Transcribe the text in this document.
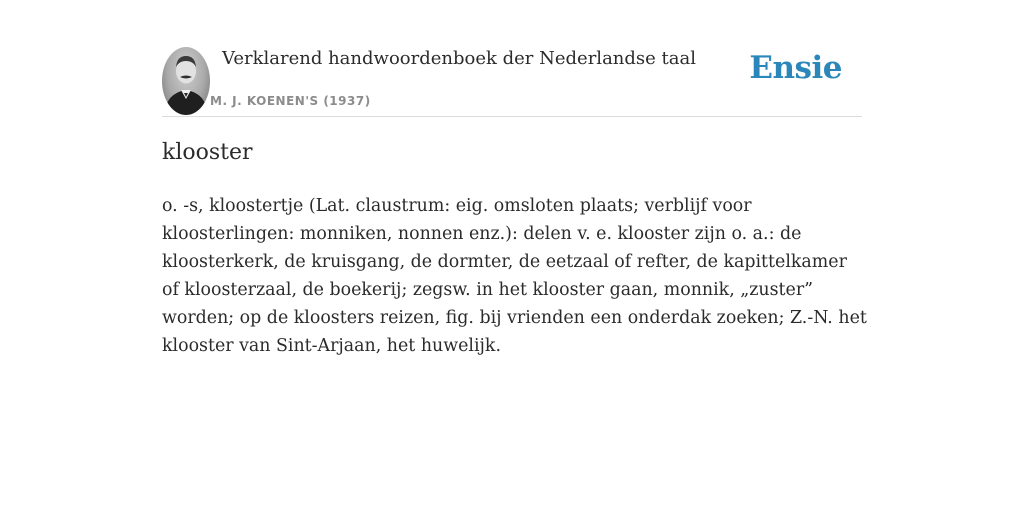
Verklarend handwoordenboek der Nederlandse taal
M. J. KOENEN'S (1937)
Ensie
klooster

o. -s, kloostertje (Lat. claustrum: eig. omsloten plaats; verblijf voor kloosterlingen: monniken, nonnen enz.): delen v. e. klooster zijn o. a.: de kloosterkerk, de kruisgang, de dormter, de eetzaal of refter, de kapittelkamer of kloosterzaal, de boekerij; zegsw. in het klooster gaan, monnik, „zuster” worden; op de kloosters reizen, fig. bij vrienden een onderdak zoeken; Z.-N. het klooster van Sint-Arjaan, het huwelijk.
